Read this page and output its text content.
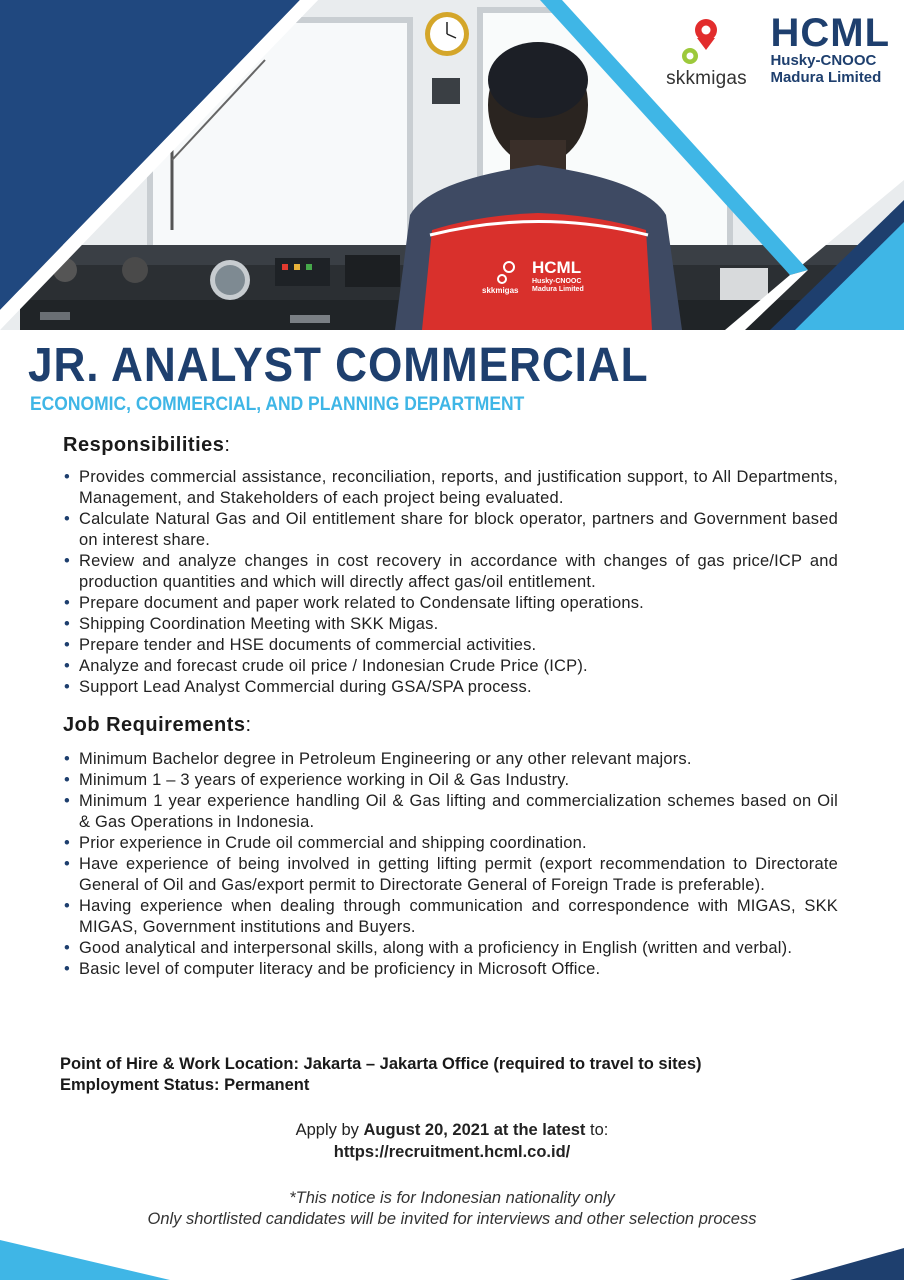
skkmigas
HCML
Husky-CNOOC
Madura Limited
HCML
Husky-CNOOC Madura Limited
skkmigas
JR. ANALYST COMMERCIAL
ECONOMIC, COMMERCIAL, AND PLANNING DEPARTMENT
Responsibilities:
• Provides commercial assistance, reconciliation, reports, and justification support, to All Departments, Management, and Stakeholders of each project being evaluated.
• Calculate Natural Gas and Oil entitlement share for block operator, partners and Government based on interest share.
• Review and analyze changes in cost recovery in accordance with changes of gas price/ICP and production quantities and which will directly affect gas/oil entitlement.
• Prepare document and paper work related to Condensate lifting operations.
• Shipping Coordination Meeting with SKK Migas.
• Prepare tender and HSE documents of commercial activities.
• Analyze and forecast crude oil price / Indonesian Crude Price (ICP).
• Support Lead Analyst Commercial during GSA/SPA process.
Job Requirements:
• Minimum Bachelor degree in Petroleum Engineering or any other relevant majors.
• Minimum 1 – 3 years of experience working in Oil & Gas Industry.
• Minimum 1 year experience handling Oil & Gas lifting and commercialization schemes based on Oil & Gas Operations in Indonesia.
• Prior experience in Crude oil commercial and shipping coordination.
• Have experience of being involved in getting lifting permit (export recommendation to Directorate General of Oil and Gas/export permit to Directorate General of Foreign Trade is preferable).
• Having experience when dealing through communication and correspondence with MIGAS, SKK MIGAS, Government institutions and Buyers.
• Good analytical and interpersonal skills, along with a proficiency in English (written and verbal).
• Basic level of computer literacy and be proficiency in Microsoft Office.
Point of Hire & Work Location: Jakarta – Jakarta Office (required to travel to sites)
Employment Status: Permanent
Apply by August 20, 2021 at the latest to:
https://recruitment.hcml.co.id/
*This notice is for Indonesian nationality only
Only shortlisted candidates will be invited for interviews and other selection process
